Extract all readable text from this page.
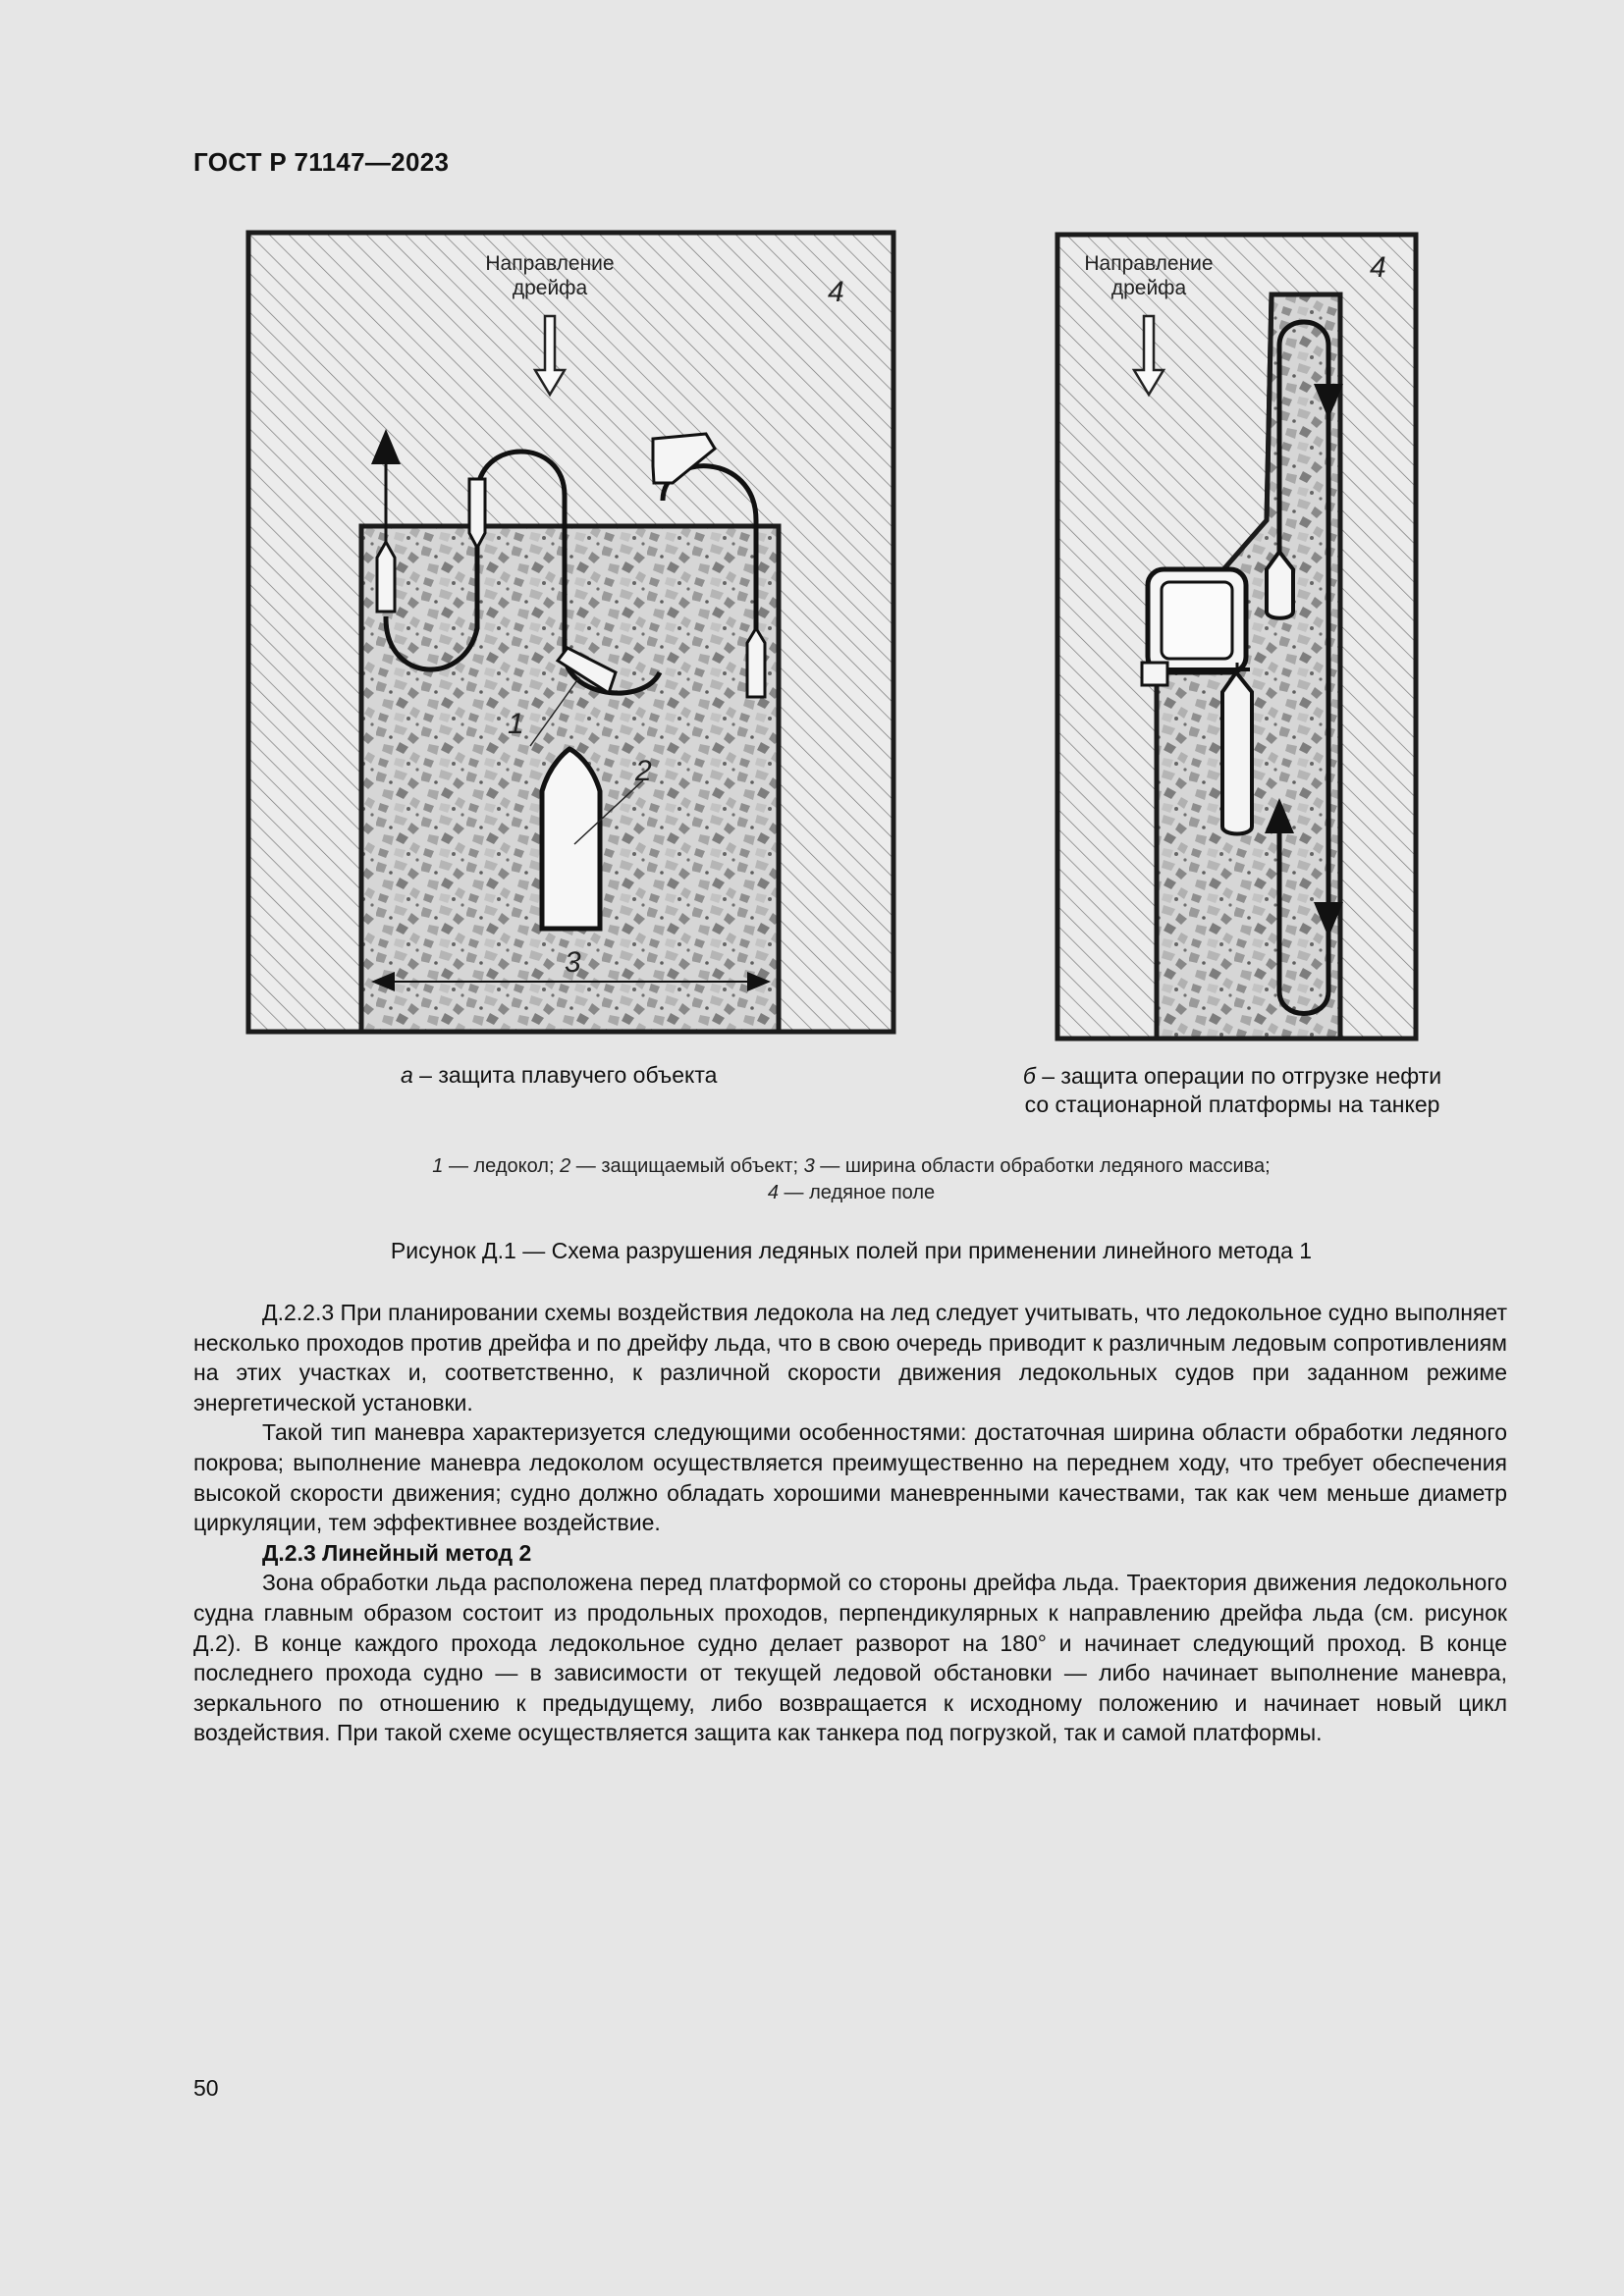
ГОСТ Р 71147—2023
Направление
дрейфа	4
1
2
3
Направление
дрейфа
4
а – защита плавучего объекта	б – защита операции по отгрузке нефти
со стационарной платформы на танкер
1 — ледокол; 2 — защищаемый объект; 3 — ширина области обработки ледяного массива;
4 — ледяное поле
Рисунок Д.1 — Схема разрушения ледяных полей при применении линейного метода 1

Д.2.2.3 При планировании схемы воздействия ледокола на лед следует учитывать, что ледокольное судно выполняет несколько проходов против дрейфа и по дрейфу льда, что в свою очередь приводит к различным ледовым сопротивлениям на этих участках и, соответственно, к различной скорости движения ледокольных судов при заданном режиме энергетической установки.

Такой тип маневра характеризуется следующими особенностями: достаточная ширина области обработки ледяного покрова; выполнение маневра ледоколом осуществляется преимущественно на переднем ходу, что требует обеспечения высокой скорости движения; судно должно обладать хорошими маневренными качествами, так как чем меньше диаметр циркуляции, тем эффективнее воздействие.

Д.2.3 Линейный метод 2

Зона обработки льда расположена перед платформой со стороны дрейфа льда. Траектория движения ледокольного судна главным образом состоит из продольных проходов, перпендикулярных к направлению дрейфа льда (см. рисунок Д.2). В конце каждого прохода ледокольное судно делает разворот на 180° и начинает следующий проход. В конце последнего прохода судно — в зависимости от текущей ледовой обстановки — либо начинает выполнение маневра, зеркального по отношению к предыдущему, либо возвращается к исходному положению и начинает новый цикл воздействия. При такой схеме осуществляется защита как танкера под погрузкой, так и самой платформы.

50
